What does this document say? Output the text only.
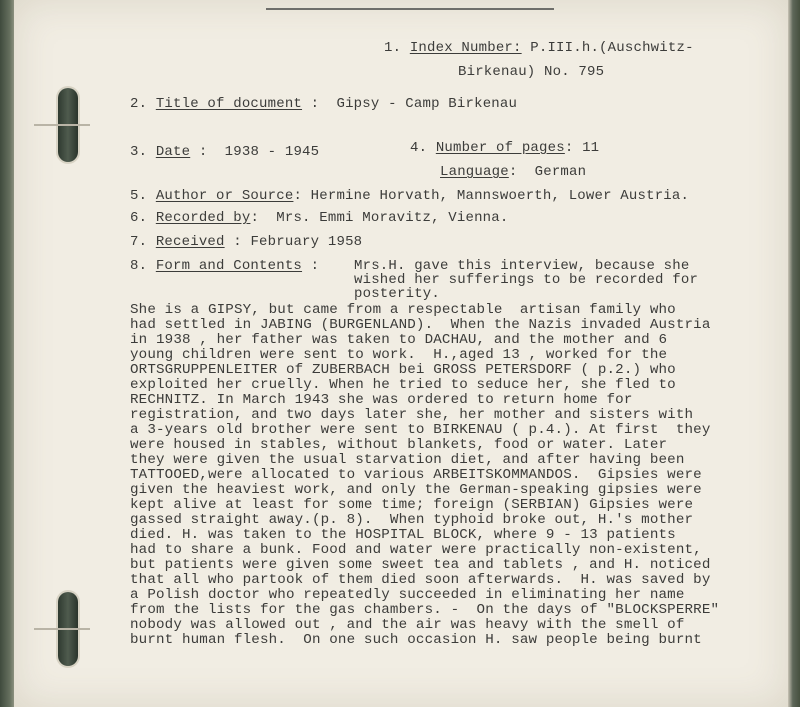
1. Index Number: P.III.h.(Auschwitz-

Birkenau) No. 795

2. Title of document : Gipsy - Camp Birkenau

3. Date : 1938 - 1945	4. Number of pages: 11

Language: German

5. Author or Source: Hermine Horvath, Mannswoerth, Lower Austria.

6. Recorded by: Mrs. Emmi Moravitz, Vienna.

7. Received : February 1958

8. Form and Contents : Mrs.H. gave this interview, because she

wished her sufferings to be recorded for

posterity.

She is a GIPSY, but came from a respectable  artisan family who

had settled in JABING (BURGENLAND).  When the Nazis invaded Austria

in 1938 , her father was taken to DACHAU, and the mother and 6

young children were sent to work.  H.,aged 13 , worked for the

ORTSGRUPPENLEITER of ZUBERBACH bei GROSS PETERSDORF ( p.2.) who

exploited her cruelly. When he tried to seduce her, she fled to

RECHNITZ. In March 1943 she was ordered to return home for

registration, and two days later she, her mother and sisters with

a 3-years old brother were sent to BIRKENAU ( p.4.). At first  they

were housed in stables, without blankets, food or water. Later

they were given the usual starvation diet, and after having been

TATTOOED,were allocated to various ARBEITSKOMMANDOS.  Gipsies were

given the heaviest work, and only the German-speaking gipsies were

kept alive at least for some time; foreign (SERBIAN) Gipsies were

gassed straight away.(p. 8).  When typhoid broke out, H.'s mother

died. H. was taken to the HOSPITAL BLOCK, where 9 - 13 patients

had to share a bunk. Food and water were practically non-existent,

but patients were given some sweet tea and tablets , and H. noticed

that all who partook of them died soon afterwards.  H. was saved by

a Polish doctor who repeatedly succeeded in eliminating her name

from the lists for the gas chambers. -  On the days of "BLOCKSPERRE"

nobody was allowed out , and the air was heavy with the smell of

burnt human flesh.  On one such occasion H. saw people being burnt
